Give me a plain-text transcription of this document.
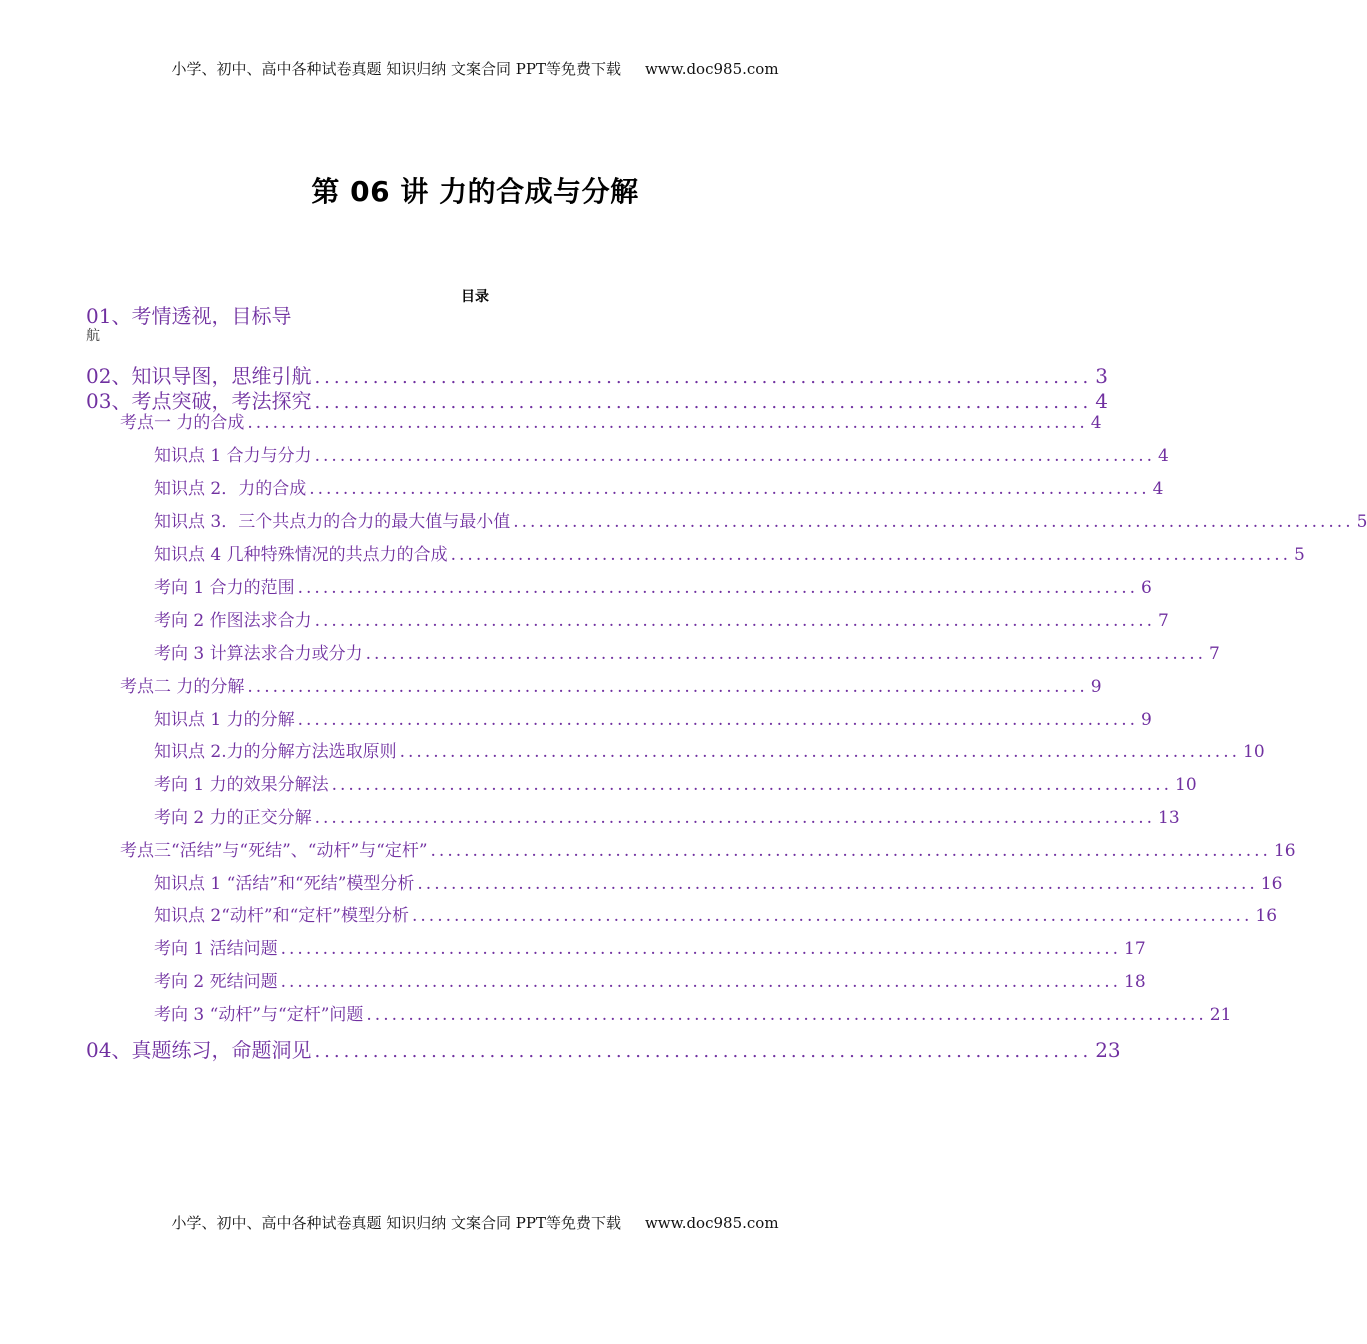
小学、初中、高中各种试卷真题 知识归纳 文案合同 PPT等免费下载 www.doc985.com
第 06 讲 力的合成与分解
目录
01、考情透视，目标导
航
02、知识导图，思维引航 ................................................................................ 3
03、考点突破，考法探究 ................................................................................ 4
考点一 力的合成 .................................................................................................... 4
知识点 1 合力与分力 .................................................................................................... 4
知识点 2．力的合成 .................................................................................................... 4
知识点 3．三个共点力的合力的最大值与最小值 .................................................................................................... 5
知识点 4 几种特殊情况的共点力的合成 .................................................................................................... 5
考向 1 合力的范围 .................................................................................................... 6
考向 2 作图法求合力 .................................................................................................... 7
考向 3 计算法求合力或分力 .................................................................................................... 7
考点二 力的分解 .................................................................................................... 9
知识点 1 力的分解 .................................................................................................... 9
知识点 2.力的分解方法选取原则 .................................................................................................... 10
考向 1 力的效果分解法 .................................................................................................... 10
考向 2 力的正交分解 .................................................................................................... 13
考点三“活结”与“死结”、“动杆”与“定杆” .................................................................................................... 16
知识点 1 “活结”和“死结”模型分析 .................................................................................................... 16
知识点 2“动杆”和“定杆”模型分析 .................................................................................................... 16
考向 1 活结问题 .................................................................................................... 17
考向 2 死结问题 .................................................................................................... 18
考向 3 “动杆”与“定杆”问题 .................................................................................................... 21
04、真题练习，命题洞见 ................................................................................ 23
小学、初中、高中各种试卷真题 知识归纳 文案合同 PPT等免费下载 www.doc985.com
